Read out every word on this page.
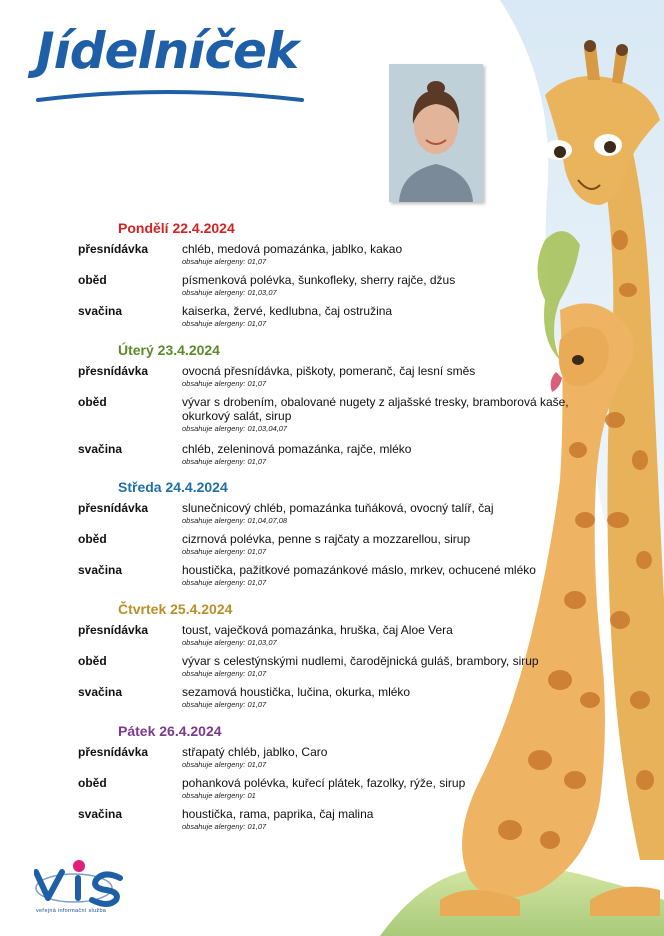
Jídelníček
Pondělí 22.4.2024
přesnídávka	chléb, medová pomazánka, jablko, kakao
obsahuje alergeny: 01,07
oběd	písmenková polévka, šunkofleky, sherry rajče, džus
obsahuje alergeny: 01,03,07
svačina	kaiserka, žervé, kedlubna, čaj ostružina
obsahuje alergeny: 01,07
Úterý 23.4.2024
přesnídávka	ovocná přesnídávka, piškoty, pomeranč, čaj lesní směs
obsahuje alergeny: 01,07
oběd	vývar s drobením, obalované nugety z aljašské tresky, bramborová kaše, okurkový salát, sirup
obsahuje alergeny: 01,03,04,07
svačina	chléb, zeleninová pomazánka, rajče, mléko
obsahuje alergeny: 01,07
Středa 24.4.2024
přesnídávka	slunečnicový chléb, pomazánka tuňáková, ovocný talíř, čaj
obsahuje alergeny: 01,04,07,08
oběd	cizrnová polévka, penne s rajčaty a mozzarellou, sirup
obsahuje alergeny: 01,07
svačina	houstička, pažitkové pomazánkové máslo, mrkev, ochucené mléko
obsahuje alergeny: 01,07
Čtvrtek 25.4.2024
přesnídávka	toust, vaječková pomazánka, hruška, čaj Aloe Vera
obsahuje alergeny: 01,03,07
oběd	vývar s celestýnskými nudlemi, čarodějnická guláš, brambory, sirup
obsahuje alergeny: 01,07
svačina	sezamová houstička, lučina, okurka, mléko
obsahuje alergeny: 01,07
Pátek 26.4.2024
přesnídávka	střapatý chléb, jablko, Caro
obsahuje alergeny: 01,07
oběd	pohanková polévka, kuřecí plátek, fazolky, rýže, sirup
obsahuje alergeny: 01
svačina	houstička, rama, paprika, čaj malina
obsahuje alergeny: 01,07
veřejná informační služba
